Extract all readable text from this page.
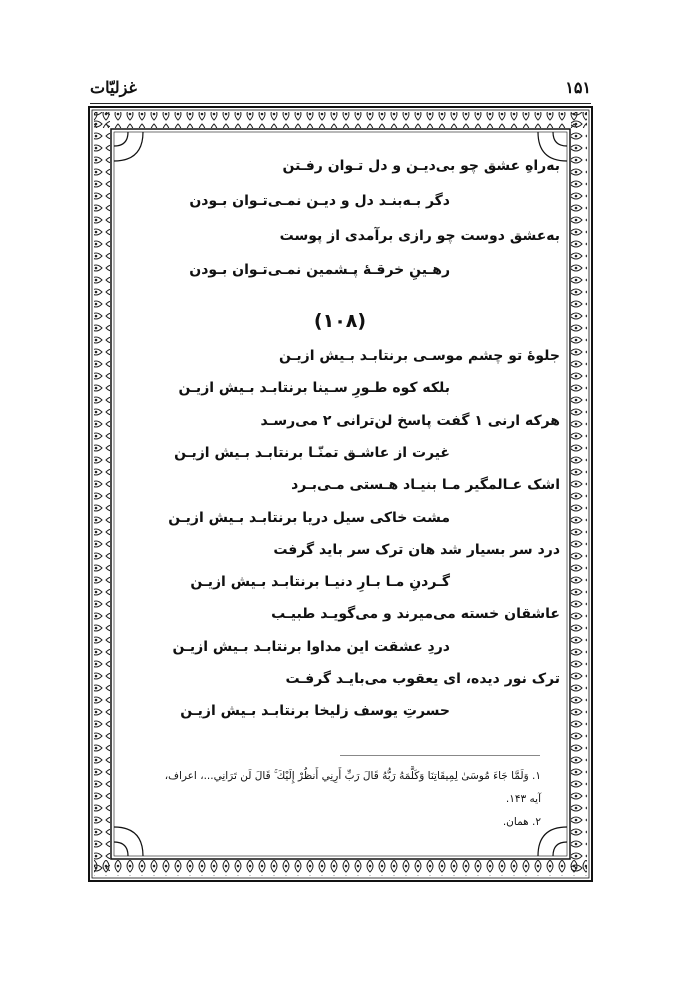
غزلیّات	۱۵۱
به‌راهِ عشق چو بی‌دیـن و دل تـوان رفـتن
دگر بـه‌بنـد دل و دیـن نمـی‌تـوان بـودن
به‌عشق دوست چو رازی برآمدی از پوست
رهـینِ خرقـهٔ پـشمین نمـی‌تـوان بـودن
(۱۰۸)
جلوهٔ تو چشم موسـی برنتابـد بـیش ازیـن
بلکه کوه طـورِ سـینا برنتابـد بـیش ازیـن
هرکه ارنی ۱ گفت پاسخ لن‌ترانی ۲ می‌رسـد
غیرت از عاشـق تمنّـا برنتابـد بـیش ازیـن
اشک عـالمگیر مـا بنیـاد هـستی مـی‌بـرد
مشت خاکی سیل دریا برنتابـد بـیش ازیـن
درد سر بسیار شد هان ترک سر باید گرفت
گـردنِ مـا بـارِ دنیـا برنتابـد بـیش ازیـن
عاشقان خسته می‌میرند و می‌گویـد طبیـب
دردِ عشقت این مداوا برنتابـد بـیش ازیـن
ترک نور دیده، ای یعقوب می‌بایـد گرفـت
حسرتِ یوسف زلیخا برنتابـد بـیش ازیـن
۱. وَلَمَّا جَاءَ مُوسَىٰ لِمِيقَاتِنَا وَكَلَّمَهُ رَبُّهُ قَالَ رَبِّ أَرِنِي أَنظُرْ إِلَيْكَ ۚ قَالَ لَن تَرَانِي...، اعراف،
آیه ۱۴۳.
۲. همان.
